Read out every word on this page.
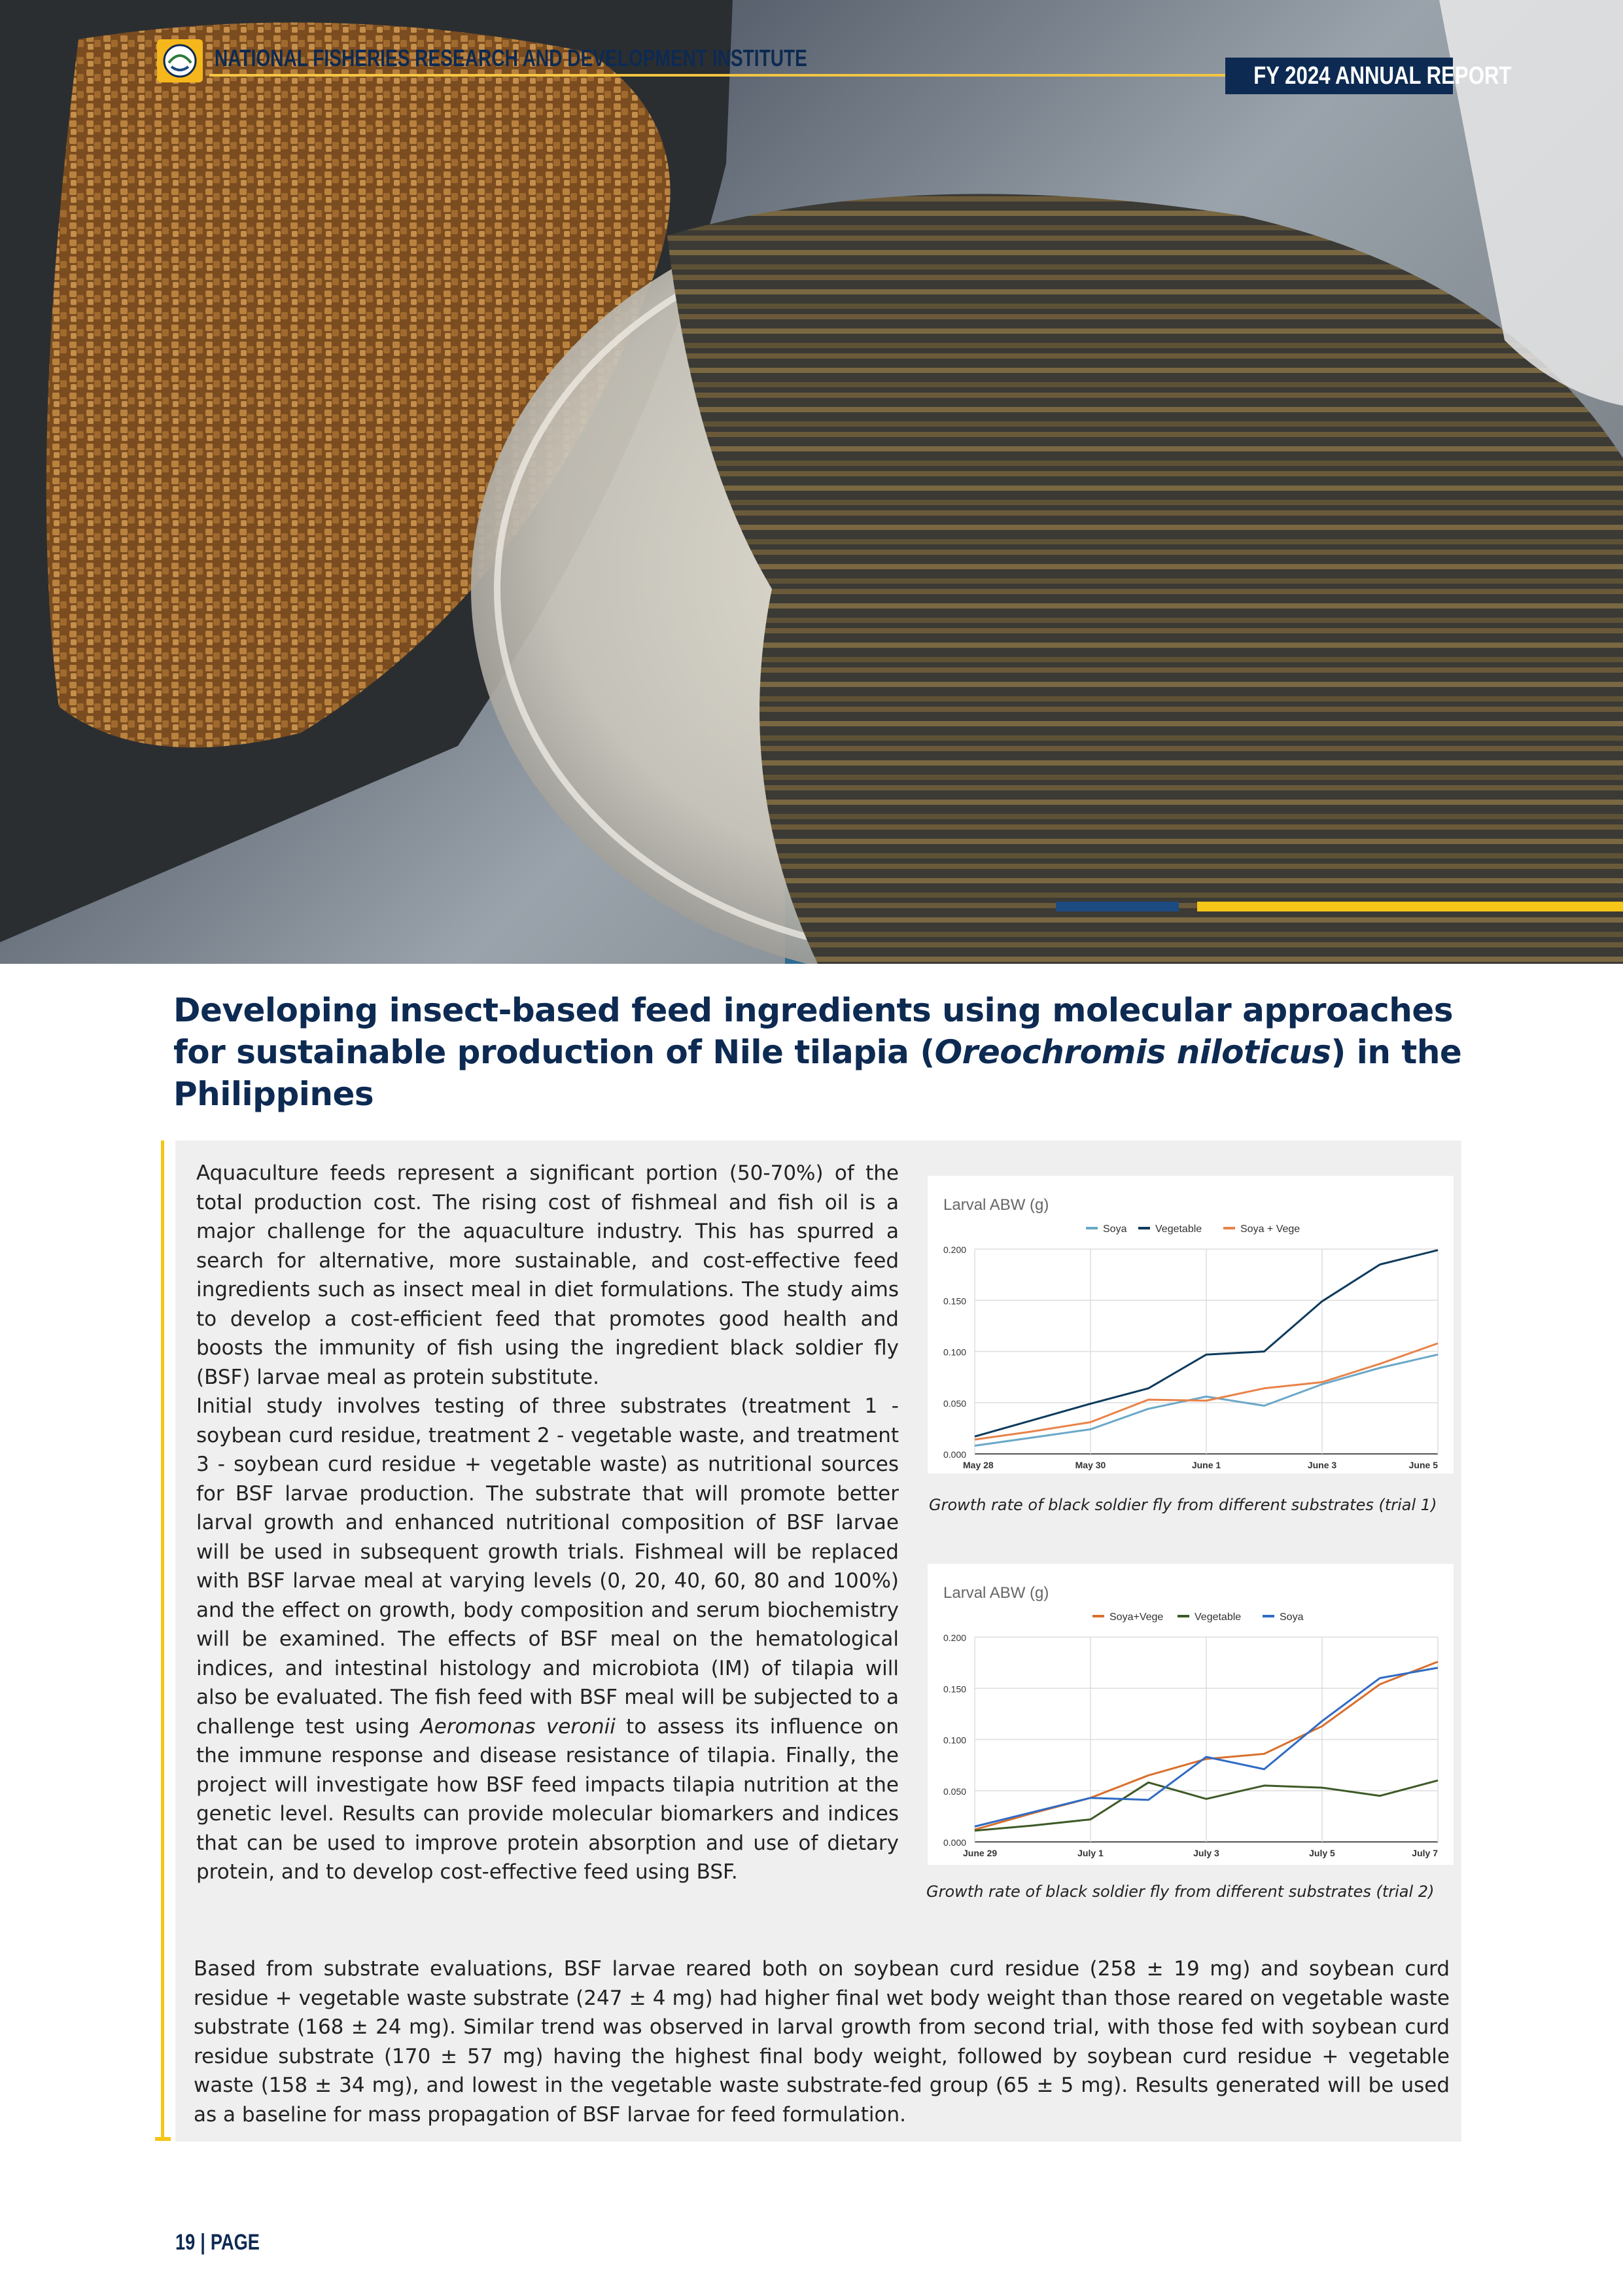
NATIONAL FISHERIES RESEARCH AND DEVELOPMENT INSTITUTE
FY 2024 ANNUAL REPORT
Developing insect-based feed ingredients using molecular approaches for sustainable production of Nile tilapia (Oreochromis niloticus) in the Philippines

Aquaculture feeds represent a significant portion (50-70%) of the total production cost. The rising cost of fishmeal and fish oil is a major challenge for the aquaculture industry. This has spurred a search for alternative, more sustainable, and cost-effective feed ingredients such as insect meal in diet formulations. The study aims to develop a cost-efficient feed that promotes good health and boosts the immunity of fish using the ingredient black soldier fly (BSF) larvae meal as protein substitute.

Initial study involves testing of three substrates (treatment 1 - soybean curd residue, treatment 2 - vegetable waste, and treatment 3 - soybean curd residue + vegetable waste) as nutritional sources for BSF larvae production. The substrate that will promote better larval growth and enhanced nutritional composition of BSF larvae will be used in subsequent growth trials. Fishmeal will be replaced with BSF larvae meal at varying levels (0, 20, 40, 60, 80 and 100%) and the effect on growth, body composition and serum biochemistry will be examined. The effects of BSF meal on the hematological indices, and intestinal histology and microbiota (IM) of tilapia will also be evaluated. The fish feed with BSF meal will be subjected to a challenge test using Aeromonas veronii to assess its influence on the immune response and disease resistance of tilapia. Finally, the project will investigate how BSF feed impacts tilapia nutrition at the genetic level. Results can provide molecular biomarkers and indices that can be used to improve protein absorption and use of dietary protein, and to develop cost-effective feed using BSF.

Larval ABW (g)
Soya	Vegetable	Soya + Vege
0.000
0.050
0.100
0.150
0.200
May 28	May 30	June 1	June 3	June 5
Growth rate of black soldier fly from different substrates (trial 1)
Larval ABW (g)
Soya+Vege	Vegetable	Soya
0.000
0.050
0.100
0.150
0.200
June 29	July 1	July 3	July 5	July 7
Growth rate of black soldier fly from different substrates (trial 2)

Based from substrate evaluations, BSF larvae reared both on soybean curd residue (258 ± 19 mg) and soybean curd residue + vegetable waste substrate (247 ± 4 mg) had higher final wet body weight than those reared on vegetable waste substrate (168 ± 24 mg). Similar trend was observed in larval growth from second trial, with those fed with soybean curd residue substrate (170 ± 57 mg) having the highest final body weight, followed by soybean curd residue + vegetable waste (158 ± 34 mg), and lowest in the vegetable waste substrate-fed group (65 ± 5 mg). Results generated will be used as a baseline for mass propagation of BSF larvae for feed formulation.

19 | PAGE
